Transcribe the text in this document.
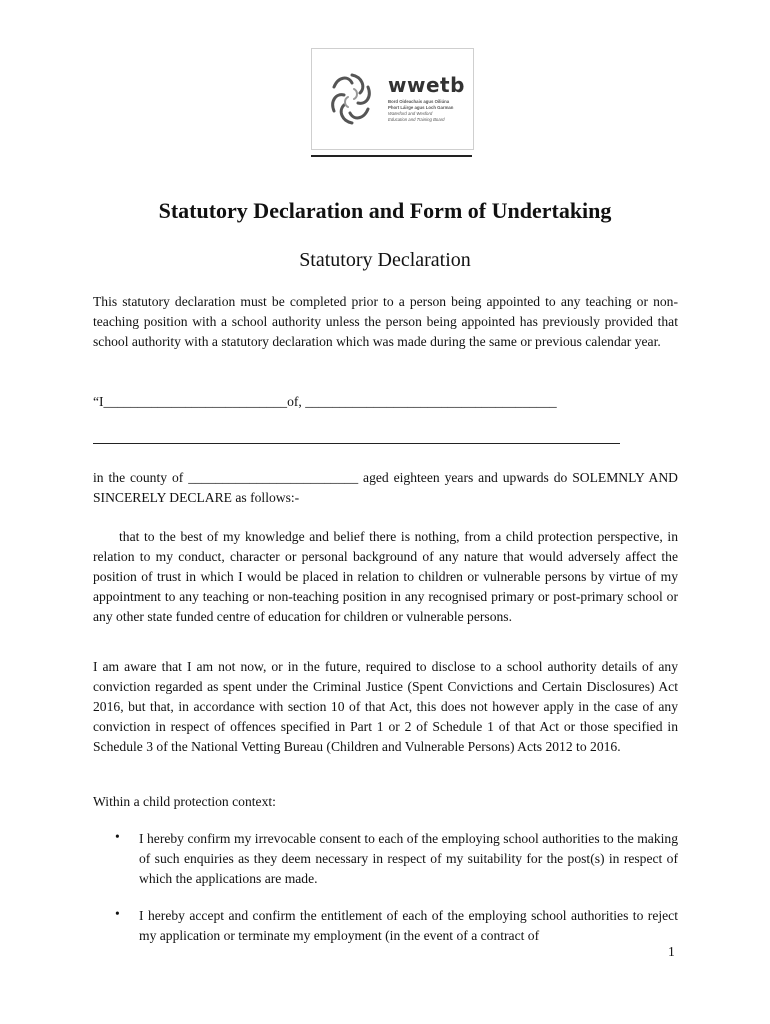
wwetb
Bord Oideachais agus Oiliúna
Phort Láirge agus Loch Garman
Waterford and Wexford
Education and Training Board
Statutory Declaration and Form of Undertaking
Statutory Declaration
This statutory declaration must be completed prior to a person being appointed to any teaching or non-teaching position with a school authority unless the person being appointed has previously provided that school authority with a statutory declaration which was made during the same or previous calendar year.
“I___________________________of, _____________________________________
in the county of _________________________ aged eighteen years and upwards do SOLEMNLY AND SINCERELY DECLARE as follows:-
that to the best of my knowledge and belief there is nothing, from a child protection perspective, in relation to my conduct, character or personal background of any nature that would adversely affect the position of trust in which I would be placed in relation to children or vulnerable persons by virtue of my appointment to any teaching or non-teaching position in any recognised primary or post-primary school or any other state funded centre of education for children or vulnerable persons.
I am aware that I am not now, or in the future, required to disclose to a school authority details of any conviction regarded as spent under the Criminal Justice (Spent Convictions and Certain Disclosures) Act 2016, but that, in accordance with section 10 of that Act, this does not however apply in the case of any conviction in respect of offences specified in Part 1 or 2 of Schedule 1 of that Act or those specified in Schedule 3 of the National Vetting Bureau (Children and Vulnerable Persons) Acts 2012 to 2016.
Within a child protection context:
• I hereby confirm my irrevocable consent to each of the employing school authorities to the making of such enquiries as they deem necessary in respect of my suitability for the post(s) in respect of which the applications are made.
• I hereby accept and confirm the entitlement of each of the employing school authorities to reject my application or terminate my employment (in the event of a contract of
1
